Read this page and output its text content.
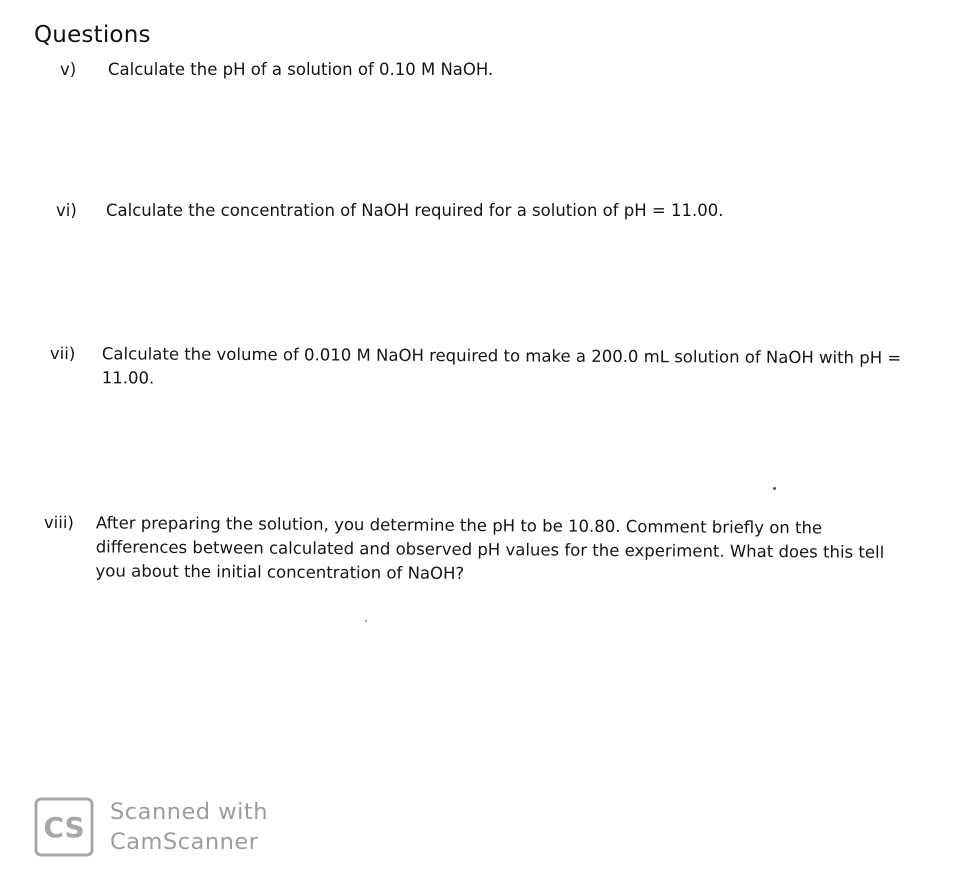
Questions
v) Calculate the pH of a solution of 0.10 M NaOH.
vi) Calculate the concentration of NaOH required for a solution of pH = 11.00.
vii) Calculate the volume of 0.010 M NaOH required to make a 200.0 mL solution of NaOH with pH = 11.00.
viii) After preparing the solution, you determine the pH to be 10.80. Comment briefly on the differences between calculated and observed pH values for the experiment. What does this tell you about the initial concentration of NaOH?
CS Scanned with
CamScanner
